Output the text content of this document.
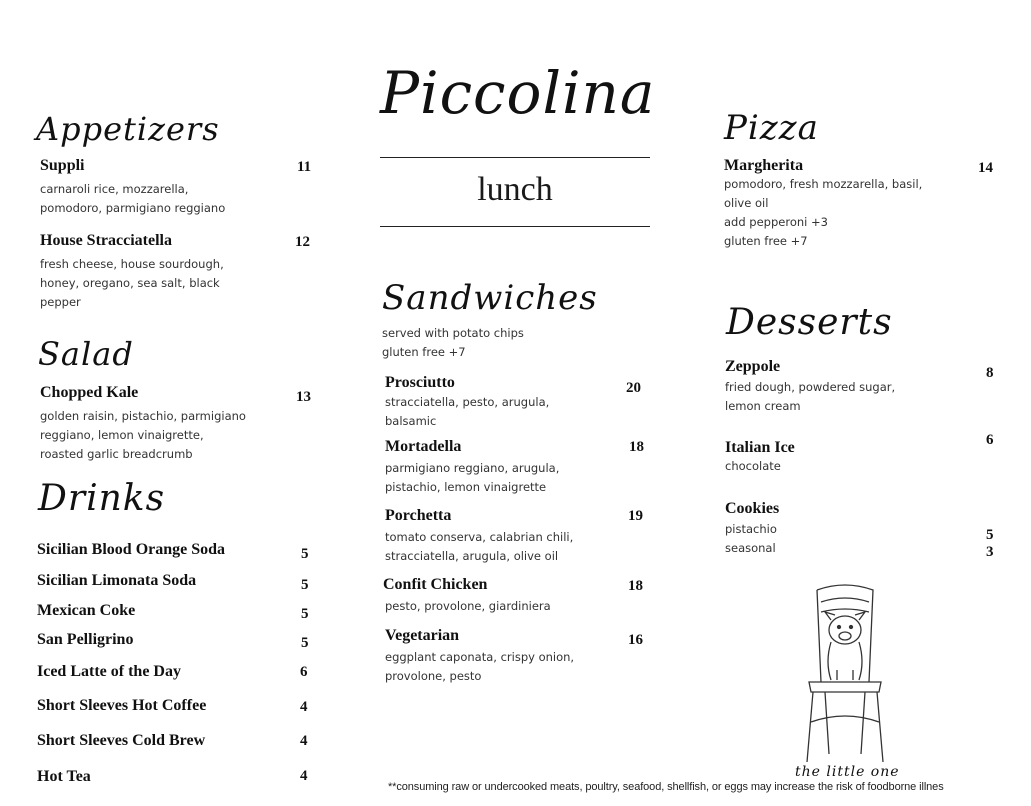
Piccolina
lunch
Appetizers
Suppli	11
carnaroli rice, mozzarella,
pomodoro, parmigiano reggiano
House Stracciatella	12
fresh cheese, house sourdough,
honey, oregano, sea salt, black
pepper
Salad
Chopped Kale	13
golden raisin, pistachio, parmigiano
reggiano, lemon vinaigrette,
roasted garlic breadcrumb
Drinks
Sicilian Blood Orange Soda	5
Sicilian Limonata Soda	5
Mexican Coke	5
San Pelligrino	5
Iced Latte of the Day	6
Short Sleeves Hot Coffee	4
Short Sleeves Cold Brew	4
Hot Tea	4
Sandwiches
served with potato chips
gluten free +7
Prosciutto	20
stracciatella, pesto, arugula,
balsamic
Mortadella	18
parmigiano reggiano, arugula,
pistachio, lemon vinaigrette
Porchetta	19
tomato conserva, calabrian chili,
stracciatella, arugula, olive oil
Confit Chicken	18
pesto, provolone, giardiniera
Vegetarian	16
eggplant caponata, crispy onion,
provolone, pesto
Pizza
Margherita	14
pomodoro, fresh mozzarella, basil,
olive oil
add pepperoni +3
gluten free +7
Desserts
Zeppole	8
fried dough, powdered sugar,
lemon cream
Italian Ice	6
chocolate
Cookies
pistachio	5
seasonal	3
the little one
**consuming raw or undercooked meats, poultry, seafood, shellfish, or eggs may increase the risk of foodborne illnes
